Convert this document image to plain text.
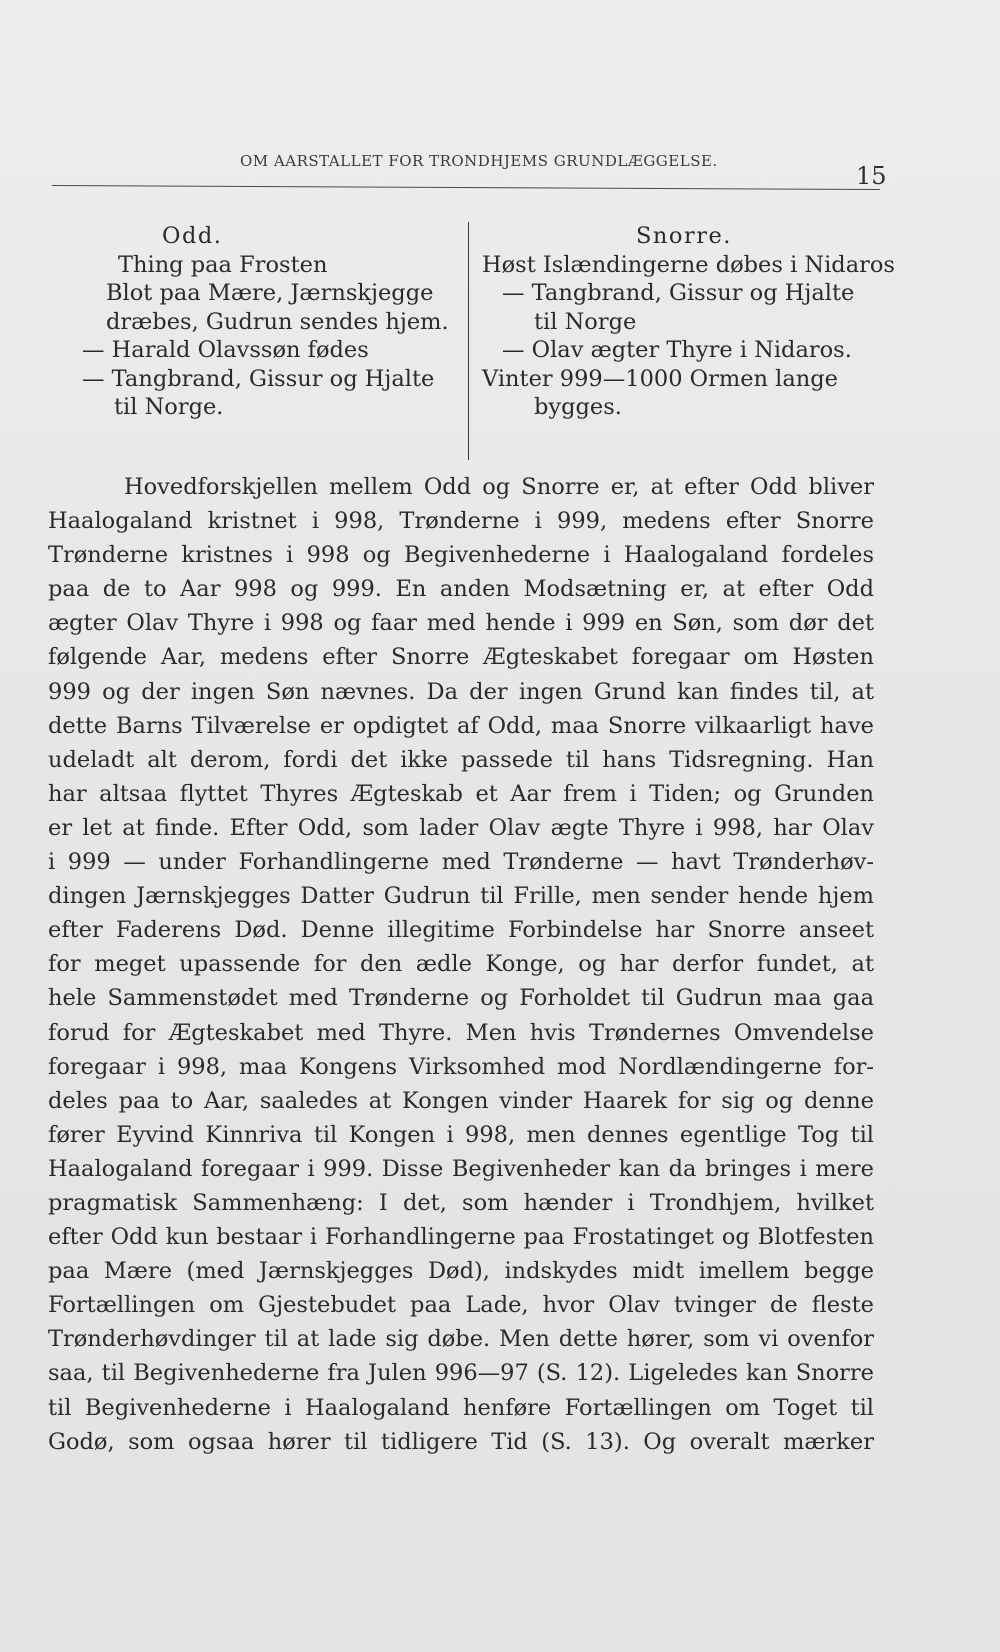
OM AARSTALLET FOR TRONDHJEMS GRUNDLÆGGELSE.
15
Odd.
Thing paa Frosten
Blot paa Mære, Jærnskjegge
dræbes, Gudrun sendes hjem.
— Harald Olavssøn fødes
— Tangbrand, Gissur og Hjalte
til Norge.
Snorre.
Høst Islændingerne døbes i Nidaros
— Tangbrand, Gissur og Hjalte
til Norge
— Olav ægter Thyre i Nidaros.
Vinter 999—1000 Ormen lange
bygges.
Hovedforskjellen mellem Odd og Snorre er, at efter Odd bliver
Haalogaland kristnet i 998, Trønderne i 999, medens efter Snorre
Trønderne kristnes i 998 og Begivenhederne i Haalogaland fordeles
paa de to Aar 998 og 999. En anden Modsætning er, at efter Odd
ægter Olav Thyre i 998 og faar med hende i 999 en Søn, som dør det
følgende Aar, medens efter Snorre Ægteskabet foregaar om Høsten
999 og der ingen Søn nævnes. Da der ingen Grund kan findes til, at
dette Barns Tilværelse er opdigtet af Odd, maa Snorre vilkaarligt have
udeladt alt derom, fordi det ikke passede til hans Tidsregning. Han
har altsaa flyttet Thyres Ægteskab et Aar frem i Tiden; og Grunden
er let at finde. Efter Odd, som lader Olav ægte Thyre i 998, har Olav
i 999 — under Forhandlingerne med Trønderne — havt Trønderhøv-
dingen Jærnskjegges Datter Gudrun til Frille, men sender hende hjem
efter Faderens Død. Denne illegitime Forbindelse har Snorre anseet
for meget upassende for den ædle Konge, og har derfor fundet, at
hele Sammenstødet med Trønderne og Forholdet til Gudrun maa gaa
forud for Ægteskabet med Thyre. Men hvis Trøndernes Omvendelse
foregaar i 998, maa Kongens Virksomhed mod Nordlændingerne for-
deles paa to Aar, saaledes at Kongen vinder Haarek for sig og denne
fører Eyvind Kinnriva til Kongen i 998, men dennes egentlige Tog til
Haalogaland foregaar i 999. Disse Begivenheder kan da bringes i mere
pragmatisk Sammenhæng: I det, som hænder i Trondhjem, hvilket
efter Odd kun bestaar i Forhandlingerne paa Frostatinget og Blotfesten
paa Mære (med Jærnskjegges Død), indskydes midt imellem begge
Fortællingen om Gjestebudet paa Lade, hvor Olav tvinger de fleste
Trønderhøvdinger til at lade sig døbe. Men dette hører, som vi ovenfor
saa, til Begivenhederne fra Julen 996—97 (S. 12). Ligeledes kan Snorre
til Begivenhederne i Haalogaland henføre Fortællingen om Toget til
Godø, som ogsaa hører til tidligere Tid (S. 13). Og overalt mærker
